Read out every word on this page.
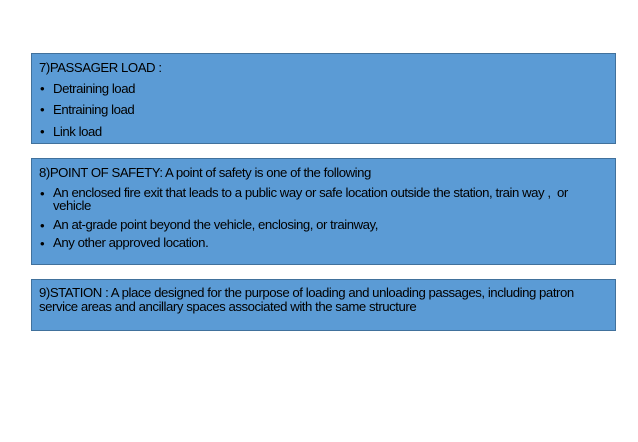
7)PASSAGER LOAD :
• Detraining load
• Entraining load
• Link load
8)POINT OF SAFETY: A point of safety is one of the following
• An enclosed fire exit that leads to a public way or safe location outside the station, train way ,  or vehicle
• An at-grade point beyond the vehicle, enclosing, or trainway,
• Any other approved location.
9)STATION : A place designed for the purpose of loading and unloading passages, including patron service areas and ancillary spaces associated with the same structure
